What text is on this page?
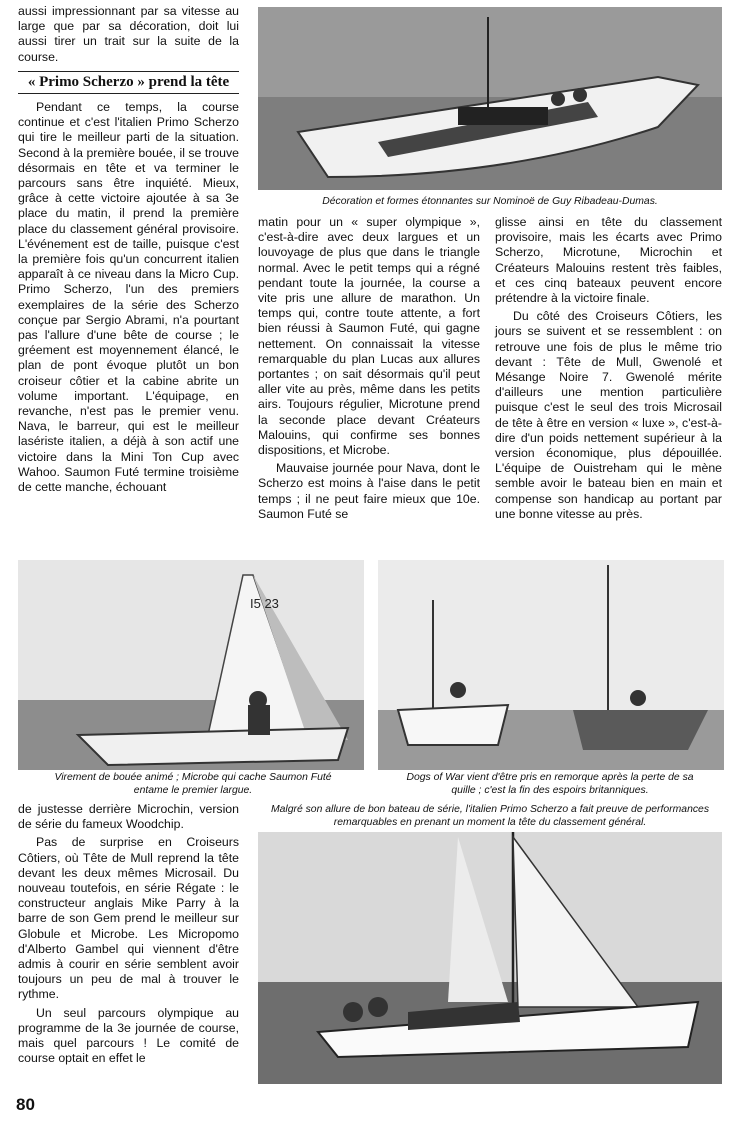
aussi impressionnant par sa vitesse au large que par sa décoration, doit lui aussi tirer un trait sur la suite de la course.

« Primo Scherzo » prend la tête

Pendant ce temps, la course continue et c'est l'italien Primo Scherzo qui tire le meilleur parti de la situation. Second à la première bouée, il se trouve désormais en tête et va terminer le parcours sans être inquiété. Mieux, grâce à cette victoire ajoutée à sa 3e place du matin, il prend la première place du classement général provisoire. L'événement est de taille, puisque c'est la première fois qu'un concurrent italien apparaît à ce niveau dans la Micro Cup. Primo Scherzo, l'un des premiers exemplaires de la série des Scherzo conçue par Sergio Abrami, n'a pourtant pas l'allure d'une bête de course ; le gréement est moyennement élancé, le plan de pont évoque plutôt un bon croiseur côtier et la cabine abrite un volume important. L'équipage, en revanche, n'est pas le premier venu. Nava, le barreur, qui est le meilleur lasériste italien, a déjà à son actif une victoire dans la Mini Ton Cup avec Wahoo. Saumon Futé termine troisième de cette manche, échouant

Décoration et formes étonnantes sur Nominoë de Guy Ribadeau-Dumas.

matin pour un « super olympique », c'est-à-dire avec deux largues et un louvoyage de plus que dans le triangle normal. Avec le petit temps qui a régné pendant toute la journée, la course a vite pris une allure de marathon. Un temps qui, contre toute attente, a fort bien réussi à Saumon Futé, qui gagne nettement. On connaissait la vitesse remarquable du plan Lucas aux allures portantes ; on sait désormais qu'il peut aller vite au près, même dans les petits airs. Toujours régulier, Microtune prend la seconde place devant Créateurs Malouins, qui confirme ses bonnes dispositions, et Microbe.

Mauvaise journée pour Nava, dont le Scherzo est moins à l'aise dans le petit temps ; il ne peut faire mieux que 10e. Saumon Futé se

glisse ainsi en tête du classement provisoire, mais les écarts avec Primo Scherzo, Microtune, Microchin et Créateurs Malouins restent très faibles, et ces cinq bateaux peuvent encore prétendre à la victoire finale.

Du côté des Croiseurs Côtiers, les jours se suivent et se ressemblent : on retrouve une fois de plus le même trio devant : Tête de Mull, Gwenolé et Mésange Noire 7. Gwenolé mérite d'ailleurs une mention particulière puisque c'est le seul des trois Microsail de tête à être en version « luxe », c'est-à-dire d'un poids nettement supérieur à la version économique, plus dépouillée. L'équipe de Ouistreham qui le mène semble avoir le bateau bien en main et compense son handicap au portant par une bonne vitesse au près.

I5 23
Virement de bouée animé ; Microbe qui cache Saumon Futé entame le premier largue.
Dogs of War vient d'être pris en remorque après la perte de sa quille ; c'est la fin des espoirs britanniques.

de justesse derrière Microchin, version de série du fameux Woodchip.

Pas de surprise en Croiseurs Côtiers, où Tête de Mull reprend la tête devant les deux mêmes Microsail. Du nouveau toutefois, en série Régate : le constructeur anglais Mike Parry à la barre de son Gem prend le meilleur sur Globule et Microbe. Les Micropomo d'Alberto Gambel qui viennent d'être admis à courir en série semblent avoir toujours un peu de mal à trouver le rythme.

Un seul parcours olympique au programme de la 3e journée de course, mais quel parcours ! Le comité de course optait en effet le

Malgré son allure de bon bateau de série, l'italien Primo Scherzo a fait preuve de performances remarquables en prenant un moment la tête du classement général.
80
